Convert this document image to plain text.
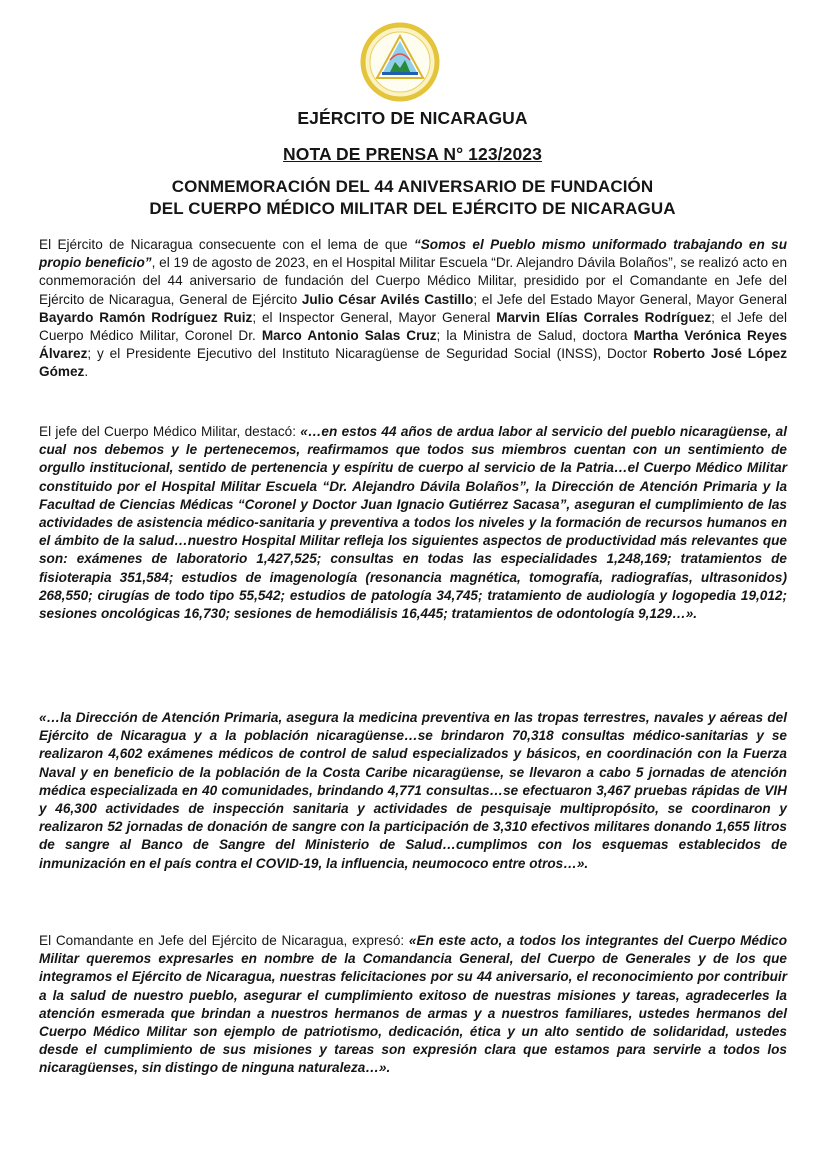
EJÉRCITO DE NICARAGUA
NOTA DE PRENSA N° 123/2023
CONMEMORACIÓN DEL 44 ANIVERSARIO DE FUNDACIÓN
DEL CUERPO MÉDICO MILITAR DEL EJÉRCITO DE NICARAGUA
El Ejército de Nicaragua consecuente con el lema de que “Somos el Pueblo mismo uniformado trabajando en su propio beneficio”, el 19 de agosto de 2023, en el Hospital Militar Escuela “Dr. Alejandro Dávila Bolaños”, se realizó acto en conmemoración del 44 aniversario de fundación del Cuerpo Médico Militar, presidido por el Comandante en Jefe del Ejército de Nicaragua, General de Ejército Julio César Avilés Castillo; el Jefe del Estado Mayor General, Mayor General Bayardo Ramón Rodríguez Ruiz; el Inspector General, Mayor General Marvin Elías Corrales Rodríguez; el Jefe del Cuerpo Médico Militar, Coronel Dr. Marco Antonio Salas Cruz; la Ministra de Salud, doctora Martha Verónica Reyes Álvarez; y el Presidente Ejecutivo del Instituto Nicaragüense de Seguridad Social (INSS), Doctor Roberto José López Gómez.
El jefe del Cuerpo Médico Militar, destacó: «…en estos 44 años de ardua labor al servicio del pueblo nicaragüense, al cual nos debemos y le pertenecemos, reafirmamos que todos sus miembros cuentan con un sentimiento de orgullo institucional, sentido de pertenencia y espíritu de cuerpo al servicio de la Patria…el Cuerpo Médico Militar constituido por el Hospital Militar Escuela “Dr. Alejandro Dávila Bolaños”, la Dirección de Atención Primaria y la Facultad de Ciencias Médicas “Coronel y Doctor Juan Ignacio Gutiérrez Sacasa”, aseguran el cumplimiento de las actividades de asistencia médico-sanitaria y preventiva a todos los niveles y la formación de recursos humanos en el ámbito de la salud…nuestro Hospital Militar refleja los siguientes aspectos de productividad más relevantes que son: exámenes de laboratorio 1,427,525; consultas en todas las especialidades 1,248,169; tratamientos de fisioterapia 351,584; estudios de imagenología (resonancia magnética, tomografía, radiografías, ultrasonidos) 268,550; cirugías de todo tipo 55,542; estudios de patología 34,745; tratamiento de audiología y logopedia 19,012; sesiones oncológicas 16,730; sesiones de hemodiálisis 16,445; tratamientos de odontología 9,129…».
«…la Dirección de Atención Primaria, asegura la medicina preventiva en las tropas terrestres, navales y aéreas del Ejército de Nicaragua y a la población nicaragüense…se brindaron 70,318 consultas médico-sanitarias y se realizaron 4,602 exámenes médicos de control de salud especializados y básicos, en coordinación con la Fuerza Naval y en beneficio de la población de la Costa Caribe nicaragüense, se llevaron a cabo 5 jornadas de atención médica especializada en 40 comunidades, brindando 4,771 consultas…se efectuaron 3,467 pruebas rápidas de VIH y 46,300 actividades de inspección sanitaria y actividades de pesquisaje multipropósito, se coordinaron y realizaron 52 jornadas de donación de sangre con la participación de 3,310 efectivos militares donando 1,655 litros de sangre al Banco de Sangre del Ministerio de Salud…cumplimos con los esquemas establecidos de inmunización en el país contra el COVID-19, la influencia, neumococo entre otros…».
El Comandante en Jefe del Ejército de Nicaragua, expresó: «En este acto, a todos los integrantes del Cuerpo Médico Militar queremos expresarles en nombre de la Comandancia General, del Cuerpo de Generales y de los que integramos el Ejército de Nicaragua, nuestras felicitaciones por su 44 aniversario, el reconocimiento por contribuir a la salud de nuestro pueblo, asegurar el cumplimiento exitoso de nuestras misiones y tareas, agradecerles la atención esmerada que brindan a nuestros hermanos de armas y a nuestros familiares, ustedes hermanos del Cuerpo Médico Militar son ejemplo de patriotismo, dedicación, ética y un alto sentido de solidaridad, ustedes desde el cumplimiento de sus misiones y tareas son expresión clara que estamos para servirle a todos los nicaragüenses, sin distingo de ninguna naturaleza…».
